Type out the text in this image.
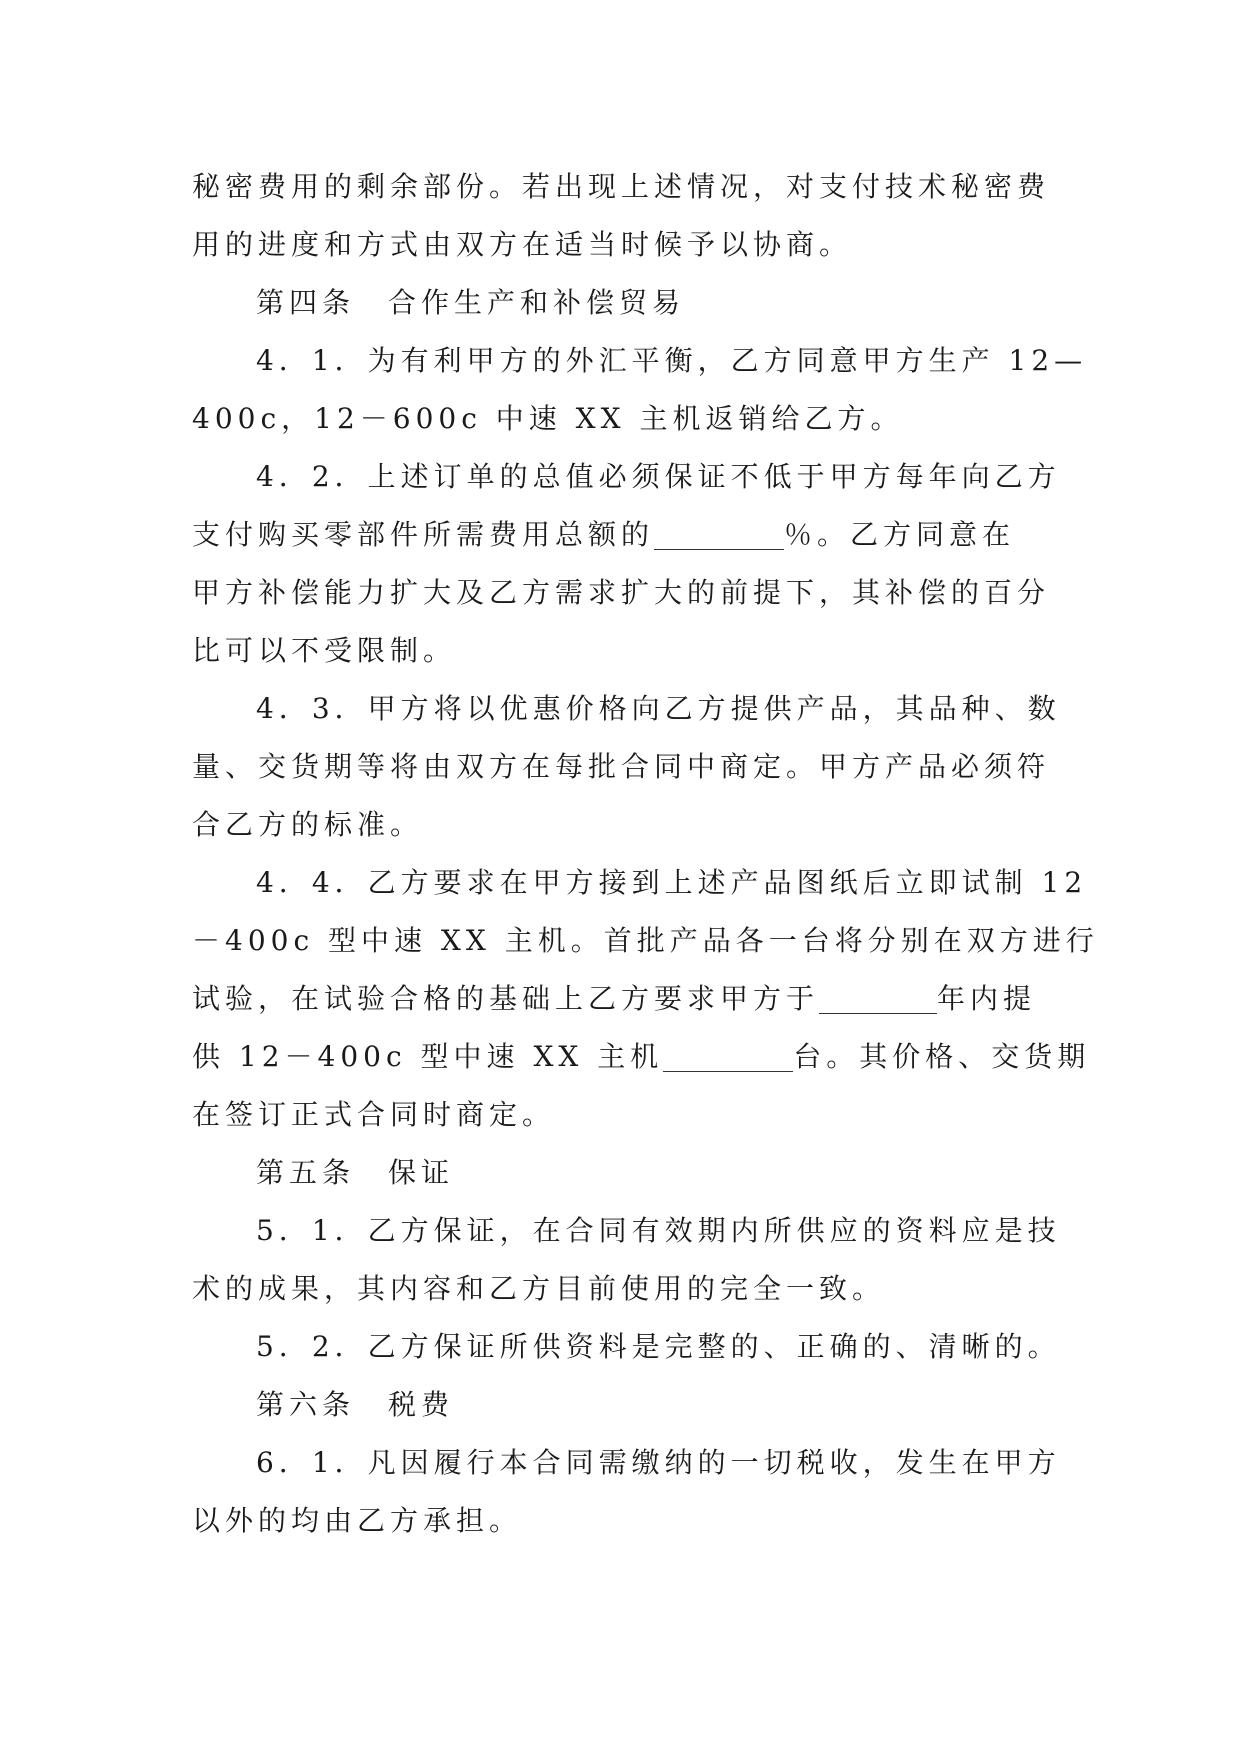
秘密费用的剩余部份。若出现上述情况，对支付技术秘密费
用的进度和方式由双方在适当时候予以协商。
第四条　合作生产和补偿贸易
4．1．为有利甲方的外汇平衡，乙方同意甲方生产 12—
400c，12－600c 中速 XX 主机返销给乙方。
4．2．上述订单的总值必须保证不低于甲方每年向乙方
支付购买零部件所需费用总额的	％。乙方同意在
甲方补偿能力扩大及乙方需求扩大的前提下，其补偿的百分
比可以不受限制。
4．3．甲方将以优惠价格向乙方提供产品，其品种、数
量、交货期等将由双方在每批合同中商定。甲方产品必须符
合乙方的标准。
4．4．乙方要求在甲方接到上述产品图纸后立即试制 12
－400c 型中速 XX 主机。首批产品各一台将分别在双方进行
试验，在试验合格的基础上乙方要求甲方于	年内提
供 12－400c 型中速 XX 主机	台。其价格、交货期
在签订正式合同时商定。
第五条　保证
5．1．乙方保证，在合同有效期内所供应的资料应是技
术的成果，其内容和乙方目前使用的完全一致。
5．2．乙方保证所供资料是完整的、正确的、清晰的。
第六条　税费
6．1．凡因履行本合同需缴纳的一切税收，发生在甲方
以外的均由乙方承担。
